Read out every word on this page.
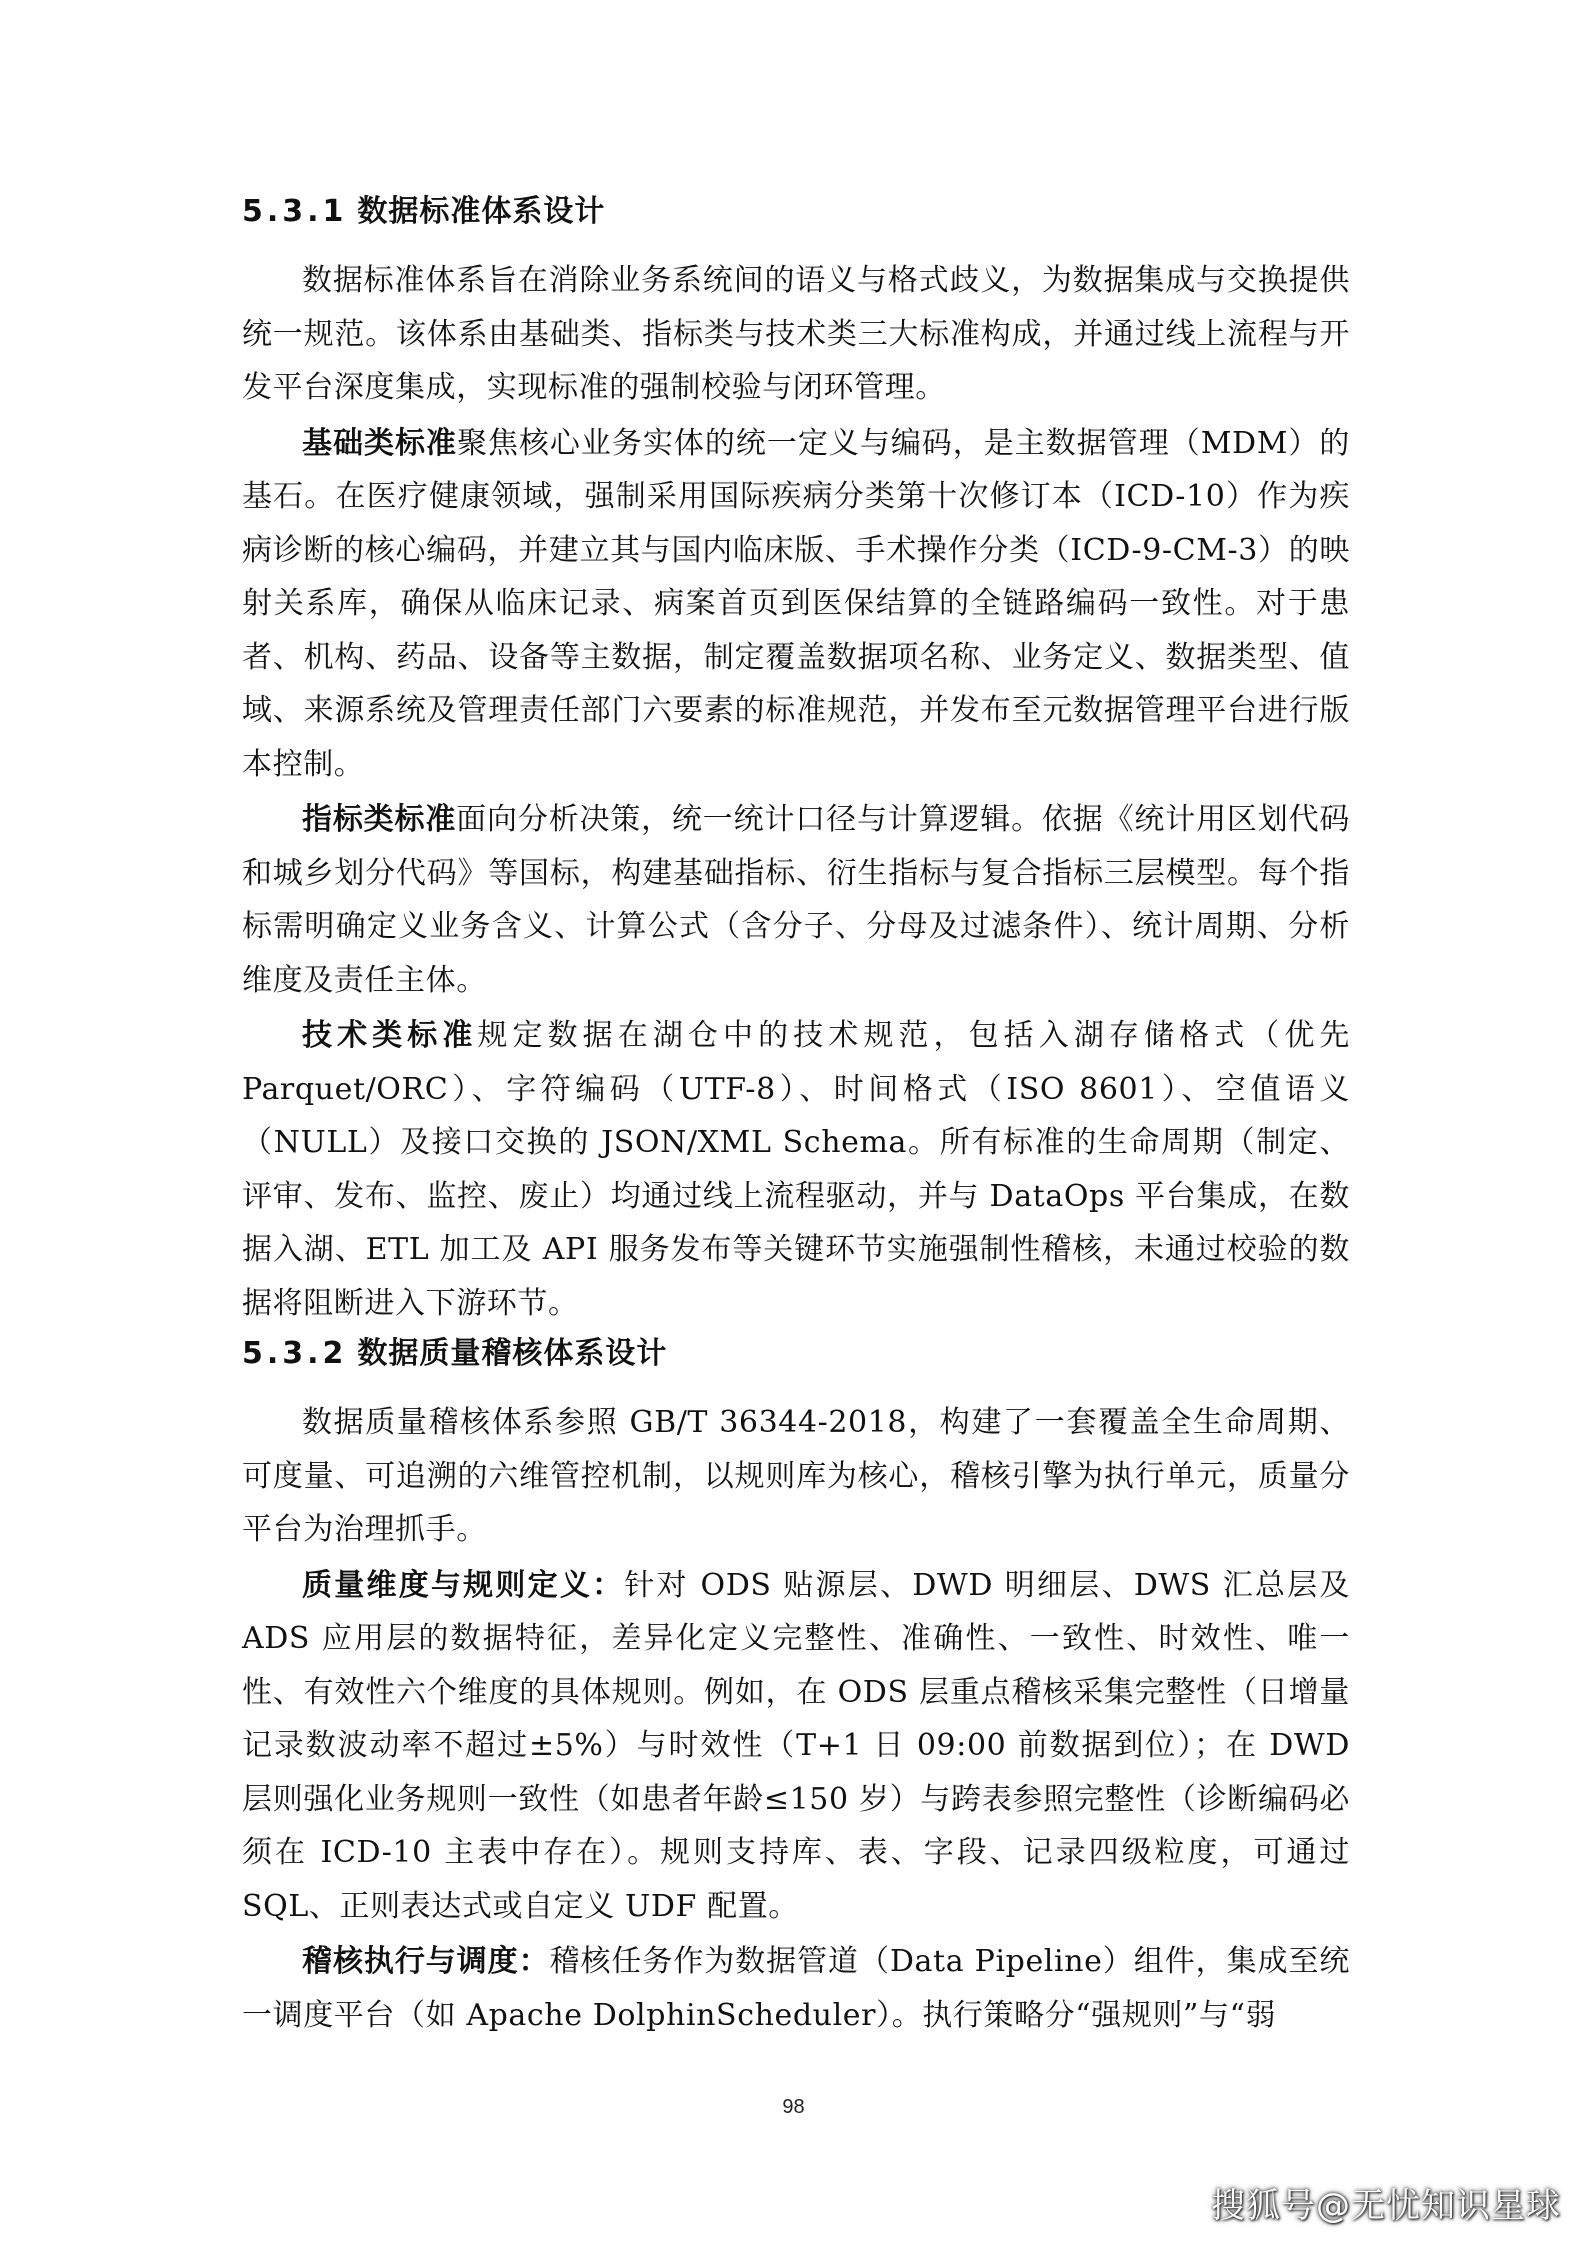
5.3.1 数据标准体系设计

数据标准体系旨在消除业务系统间的语义与格式歧义，为数据集成与交换提供统一规范。该体系由基础类、指标类与技术类三大标准构成，并通过线上流程与开发平台深度集成，实现标准的强制校验与闭环管理。

基础类标准聚焦核心业务实体的统一定义与编码，是主数据管理（MDM）的基石。在医疗健康领域，强制采用国际疾病分类第十次修订本（ICD-10）作为疾病诊断的核心编码，并建立其与国内临床版、手术操作分类（ICD-9-CM-3）的映射关系库，确保从临床记录、病案首页到医保结算的全链路编码一致性。对于患者、机构、药品、设备等主数据，制定覆盖数据项名称、业务定义、数据类型、值域、来源系统及管理责任部门六要素的标准规范，并发布至元数据管理平台进行版本控制。

指标类标准面向分析决策，统一统计口径与计算逻辑。依据《统计用区划代码和城乡划分代码》等国标，构建基础指标、衍生指标与复合指标三层模型。每个指标需明确定义业务含义、计算公式（含分子、分母及过滤条件）、统计周期、分析维度及责任主体。

技术类标准规定数据在湖仓中的技术规范，包括入湖存储格式（优先Parquet/ORC）、字符编码（UTF-8）、时间格式（ISO 8601）、空值语义（NULL）及接口交换的 JSON/XML Schema。所有标准的生命周期（制定、评审、发布、监控、废止）均通过线上流程驱动，并与 DataOps 平台集成，在数据入湖、ETL 加工及 API 服务发布等关键环节实施强制性稽核，未通过校验的数据将阻断进入下游环节。

5.3.2 数据质量稽核体系设计

数据质量稽核体系参照 GB/T 36344-2018，构建了一套覆盖全生命周期、可度量、可追溯的六维管控机制，以规则库为核心，稽核引擎为执行单元，质量分平台为治理抓手。

质量维度与规则定义：针对 ODS 贴源层、DWD 明细层、DWS 汇总层及 ADS 应用层的数据特征，差异化定义完整性、准确性、一致性、时效性、唯一性、有效性六个维度的具体规则。例如，在 ODS 层重点稽核采集完整性（日增量记录数波动率不超过±5%）与时效性（T+1 日 09:00 前数据到位）；在 DWD 层则强化业务规则一致性（如患者年龄≤150 岁）与跨表参照完整性（诊断编码必须在 ICD-10 主表中存在）。规则支持库、表、字段、记录四级粒度，可通过 SQL、正则表达式或自定义 UDF 配置。

稽核执行与调度：稽核任务作为数据管道（Data Pipeline）组件，集成至统一调度平台（如 Apache DolphinScheduler）。执行策略分“强规则”与“弱

98
搜狐号@无忧知识星球
